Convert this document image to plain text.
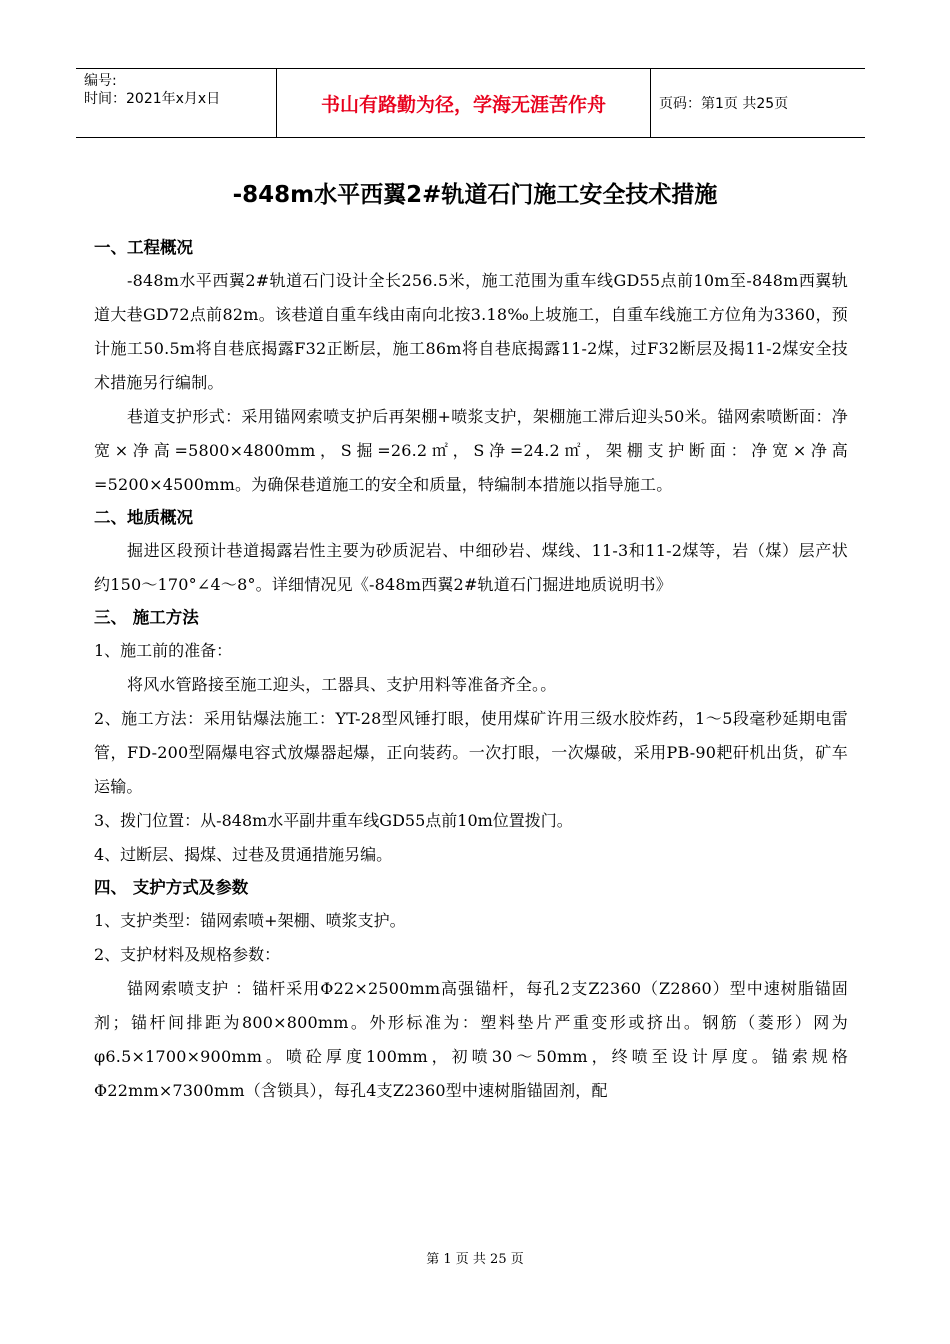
编号:
时间：2021年x月x日	书山有路勤为径，学海无涯苦作舟	页码：第1页 共25页
-848m水平西翼2#轨道石门施工安全技术措施

一、工程概况

-848m水平西翼2#轨道石门设计全长256.5米，施工范围为重车线GD55点前10m至-848m西翼轨道大巷GD72点前82m。该巷道自重车线由南向北按3.18‰上坡施工，自重车线施工方位角为3360，预计施工50.5m将自巷底揭露F32正断层，施工86m将自巷底揭露11-2煤，过F32断层及揭11-2煤安全技术措施另行编制。

巷道支护形式：采用锚网索喷支护后再架棚+喷浆支护，架棚施工滞后迎头50米。锚网索喷断面：净宽×净高=5800×4800mm，S掘=26.2㎡，S净=24.2㎡，架棚支护断面：净宽×净高=5200×4500mm。为确保巷道施工的安全和质量，特编制本措施以指导施工。

二、地质概况

掘进区段预计巷道揭露岩性主要为砂质泥岩、中细砂岩、煤线、11-3和11-2煤等，岩（煤）层产状约150～170°∠4～8°。详细情况见《-848m西翼2#轨道石门掘进地质说明书》

三、 施工方法

1、施工前的准备：

将风水管路接至施工迎头，工器具、支护用料等准备齐全。。

2、施工方法：采用钻爆法施工：YT-28型风锤打眼，使用煤矿许用三级水胶炸药，1～5段毫秒延期电雷管，FD-200型隔爆电容式放爆器起爆，正向装药。一次打眼，一次爆破，采用PB-90耙矸机出货，矿车运输。

3、拨门位置：从-848m水平副井重车线GD55点前10m位置拨门。

4、过断层、揭煤、过巷及贯通措施另编。

四、 支护方式及参数

1、支护类型：锚网索喷+架棚、喷浆支护。

2、支护材料及规格参数：

锚网索喷支护 ：锚杆采用Φ22×2500mm高强锚杆，每孔2支Z2360（Z2860）型中速树脂锚固剂；锚杆间排距为800×800mm。外形标准为：塑料垫片严重变形或挤出。钢筋（菱形）网为φ6.5×1700×900mm。喷砼厚度100mm，初喷30～50mm，终喷至设计厚度。锚索规格 Φ22mm×7300mm（含锁具），每孔4支Z2360型中速树脂锚固剂，配

第 1 页 共 25 页
